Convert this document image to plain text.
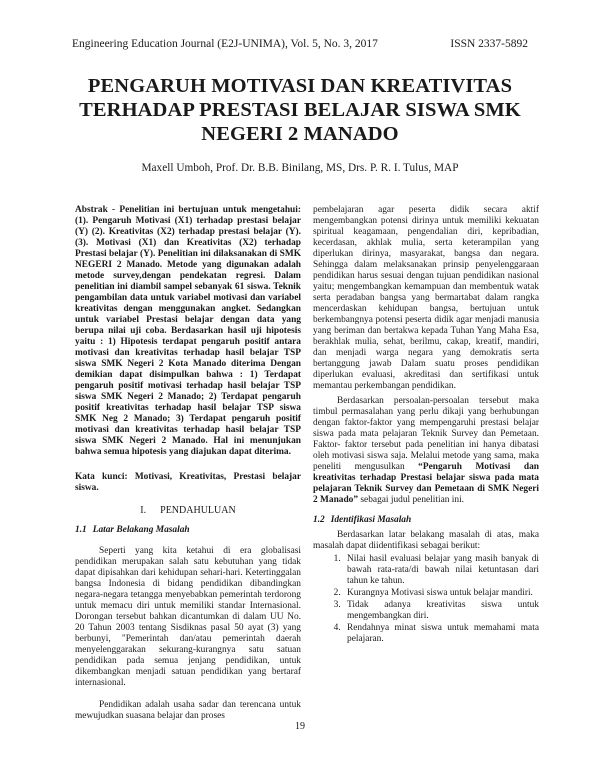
Engineering Education Journal (E2J-UNIMA), Vol. 5, No. 3, 2017	ISSN 2337-5892
PENGARUH MOTIVASI DAN KREATIVITAS
TERHADAP PRESTASI BELAJAR SISWA SMK
NEGERI 2 MANADO
Maxell Umboh, Prof. Dr. B.B. Binilang, MS, Drs. P. R. I. Tulus, MAP

Abstrak - Penelitian ini bertujuan untuk mengetahui: (1). Pengaruh Motivasi (X1) terhadap prestasi belajar (Y) (2). Kreativitas (X2) terhadap prestasi belajar (Y). (3). Motivasi (X1) dan Kreativitas (X2) terhadap Prestasi belajar (Y). Penelitian ini dilaksanakan di SMK NEGERI 2 Manado. Metode yang digunakan adalah metode survey,dengan pendekatan regresi. Dalam penelitian ini diambil sampel sebanyak 61 siswa. Teknik pengambilan data untuk variabel motivasi dan variabel kreativitas dengan menggunakan angket. Sedangkan untuk variabel Prestasi belajar dengan data yang berupa nilai uji coba. Berdasarkan hasil uji hipotesis yaitu : 1) Hipotesis terdapat pengaruh positif antara motivasi dan kreativitas terhadap hasil belajar TSP siswa SMK Negeri 2 Kota Manado diterima Dengan demikian dapat disimpulkan bahwa : 1) Terdapat pengaruh positif motivasi terhadap hasil belajar TSP siswa SMK Negeri 2 Manado; 2) Terdapat pengaruh positif kreativitas terhadap hasil belajar TSP siswa SMK Neg 2 Manado; 3) Terdapat pengaruh positif motivasi dan kreativitas terhadap hasil belajar TSP siswa SMK Negeri 2 Manado. Hal ini menunjukan bahwa semua hipotesis yang diajukan dapat diterima.

Kata kunci: Motivasi, Kreativitas, Prestasi belajar siswa.

I. PENDAHULUAN
1.1 Latar Belakang Masalah

Seperti yang kita ketahui di era globalisasi pendidikan merupakan salah satu kebutuhan yang tidak dapat dipisahkan dari kehidupan sehari-hari. Ketertinggalan bangsa Indonesia di bidang pendidikan dibandingkan negara-negara tetangga menyebabkan pemerintah terdorong untuk memacu diri untuk memiliki standar Internasional. Dorongan tersebut bahkan dicantumkan di dalam UU No. 20 Tahun 2003 tentang Sisdiknas pasal 50 ayat (3) yang berbunyi, "Pemerintah dan/atau pemerintah daerah menyelenggarakan sekurang-kurangnya satu satuan pendidikan pada semua jenjang pendidikan, untuk dikembangkan menjadi satuan pendidikan yang bertaraf internasional.

Pendidikan adalah usaha sadar dan terencana untuk mewujudkan suasana belajar dan proses

pembelajaran agar peserta didik secara aktif mengembangkan potensi dirinya untuk memiliki kekuatan spiritual keagamaan, pengendalian diri, kepribadian, kecerdasan, akhlak mulia, serta keterampilan yang diperlukan dirinya, masyarakat, bangsa dan negara. Sehingga dalam melaksanakan prinsip penyelenggaraan pendidikan harus sesuai dengan tujuan pendidikan nasional yaitu; mengembangkan kemampuan dan membentuk watak serta peradaban bangsa yang bermartabat dalam rangka mencerdaskan kehidupan bangsa, bertujuan untuk berkembangnya potensi peserta didik agar menjadi manusia yang beriman dan bertakwa kepada Tuhan Yang Maha Esa, berakhlak mulia, sehat, berilmu, cakap, kreatif, mandiri, dan menjadi warga negara yang demokratis serta bertanggung jawab Dalam suatu proses pendidikan diperlukan evaluasi, akreditasi dan sertifikasi untuk memantau perkembangan pendidikan.

Berdasarkan persoalan-persoalan tersebut maka timbul permasalahan yang perlu dikaji yang berhubungan dengan faktor-faktor yang mempengaruhi prestasi belajar siswa pada mata pelajaran Teknik Survey dan Pemetaan. Faktor- faktor tersebut pada penelitian ini hanya dibatasi oleh motivasi siswa saja. Melalui metode yang sama, maka peneliti mengusulkan “Pengaruh Motivasi dan kreativitas terhadap Prestasi belajar siswa pada mata pelajaran Teknik Survey dan Pemetaan di SMK Negeri 2 Manado” sebagai judul penelitian ini.

1.2 Identifikasi Masalah

Berdasarkan latar belakang masalah di atas, maka masalah dapat diidentifikasi sebagai berikut:

1. Nilai hasil evaluasi belajar yang masih banyak di bawah rata-rata/di bawah nilai ketuntasan dari tahun ke tahun.
2. Kurangnya Motivasi siswa untuk belajar mandiri.
3. Tidak adanya kreativitas siswa untuk mengembangkan diri.
4. Rendahnya minat siswa untuk memahami mata pelajaran.
19
